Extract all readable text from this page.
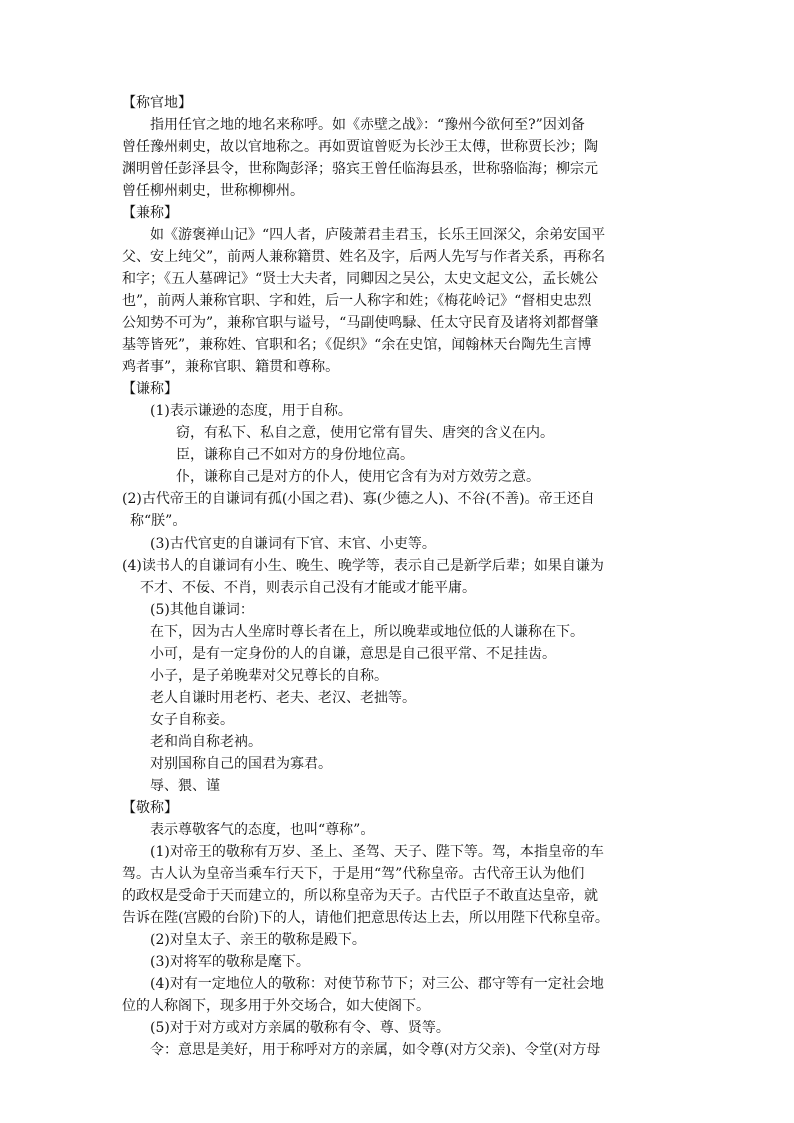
【称官地】
指用任官之地的地名来称呼。如《赤壁之战》：“豫州今欲何至?”因刘备
曾任豫州刺史，故以官地称之。再如贾谊曾贬为长沙王太傅，世称贾长沙；陶
渊明曾任彭泽县令，世称陶彭泽；骆宾王曾任临海县丞，世称骆临海；柳宗元
曾任柳州刺史，世称柳柳州。
【兼称】
如《游褒禅山记》“四人者，庐陵萧君圭君玉，长乐王回深父，余弟安国平
父、安上纯父”，前两人兼称籍贯、姓名及字，后两人先写与作者关系，再称名
和字；《五人墓碑记》“贤士大夫者，同卿因之吴公，太史文起文公，孟长姚公
也”，前两人兼称官职、字和姓，后一人称字和姓；《梅花岭记》“督相史忠烈
公知势不可为”，兼称官职与谥号，“马副使鸣騄、任太守民育及诸将刘都督肇
基等皆死”，兼称姓、官职和名；《促织》“余在史馆，闻翰林天台陶先生言博
鸡者事”，兼称官职、籍贯和尊称。
【谦称】
(1)表示谦逊的态度，用于自称。
窃，有私下、私自之意，使用它常有冒失、唐突的含义在内。
臣，谦称自己不如对方的身份地位高。
仆，谦称自己是对方的仆人，使用它含有为对方效劳之意。
(2)古代帝王的自谦词有孤(小国之君)、寡(少德之人)、不谷(不善)。帝王还自
称“朕”。
(3)古代官吏的自谦词有下官、末官、小吏等。
(4)读书人的自谦词有小生、晚生、晚学等，表示自己是新学后辈；如果自谦为
不才、不佞、不肖，则表示自己没有才能或才能平庸。
(5)其他自谦词：
在下，因为古人坐席时尊长者在上，所以晚辈或地位低的人谦称在下。
小可，是有一定身份的人的自谦，意思是自己很平常、不足挂齿。
小子，是子弟晚辈对父兄尊长的自称。
老人自谦时用老朽、老夫、老汉、老拙等。
女子自称妾。
老和尚自称老衲。
对别国称自己的国君为寡君。
辱、猥、谨
【敬称】
表示尊敬客气的态度，也叫“尊称”。
(1)对帝王的敬称有万岁、圣上、圣驾、天子、陛下等。驾，本指皇帝的车
驾。古人认为皇帝当乘车行天下，于是用“驾”代称皇帝。古代帝王认为他们
的政权是受命于天而建立的，所以称皇帝为天子。古代臣子不敢直达皇帝，就
告诉在陛(宫殿的台阶)下的人，请他们把意思传达上去，所以用陛下代称皇帝。
(2)对皇太子、亲王的敬称是殿下。
(3)对将军的敬称是麾下。
(4)对有一定地位人的敬称：对使节称节下；对三公、郡守等有一定社会地
位的人称阁下，现多用于外交场合，如大使阁下。
(5)对于对方或对方亲属的敬称有令、尊、贤等。
令：意思是美好，用于称呼对方的亲属，如令尊(对方父亲)、令堂(对方母
